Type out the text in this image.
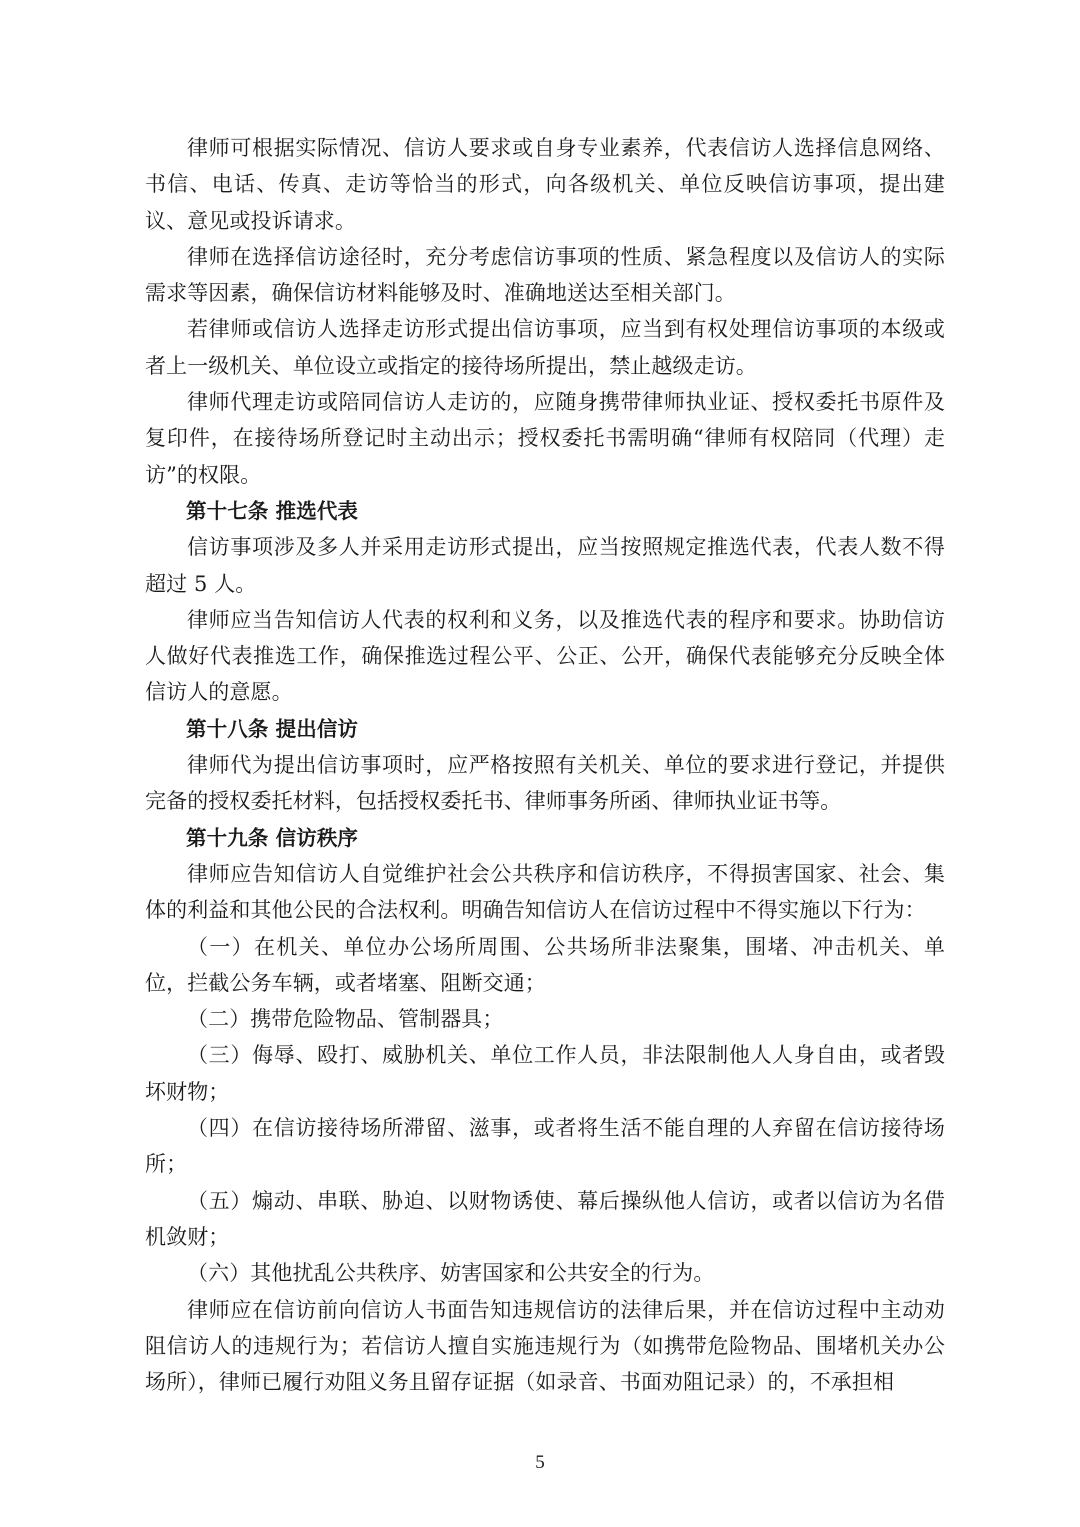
律师可根据实际情况、信访人要求或自身专业素养，代表信访人选择信息网络、书信、电话、传真、走访等恰当的形式，向各级机关、单位反映信访事项，提出建议、意见或投诉请求。

律师在选择信访途径时，充分考虑信访事项的性质、紧急程度以及信访人的实际需求等因素，确保信访材料能够及时、准确地送达至相关部门。

若律师或信访人选择走访形式提出信访事项，应当到有权处理信访事项的本级或者上一级机关、单位设立或指定的接待场所提出，禁止越级走访。

律师代理走访或陪同信访人走访的，应随身携带律师执业证、授权委托书原件及复印件，在接待场所登记时主动出示；授权委托书需明确“律师有权陪同（代理）走访”的权限。

第十七条 推选代表

信访事项涉及多人并采用走访形式提出，应当按照规定推选代表，代表人数不得超过 5 人。

律师应当告知信访人代表的权利和义务，以及推选代表的程序和要求。协助信访人做好代表推选工作，确保推选过程公平、公正、公开，确保代表能够充分反映全体信访人的意愿。

第十八条 提出信访

律师代为提出信访事项时，应严格按照有关机关、单位的要求进行登记，并提供完备的授权委托材料，包括授权委托书、律师事务所函、律师执业证书等。

第十九条 信访秩序

律师应告知信访人自觉维护社会公共秩序和信访秩序，不得损害国家、社会、集体的利益和其他公民的合法权利。明确告知信访人在信访过程中不得实施以下行为：

（一）在机关、单位办公场所周围、公共场所非法聚集，围堵、冲击机关、单位，拦截公务车辆，或者堵塞、阻断交通；

（二）携带危险物品、管制器具；

（三）侮辱、殴打、威胁机关、单位工作人员，非法限制他人人身自由，或者毁坏财物；

（四）在信访接待场所滞留、滋事，或者将生活不能自理的人弃留在信访接待场所；

（五）煽动、串联、胁迫、以财物诱使、幕后操纵他人信访，或者以信访为名借机敛财；

（六）其他扰乱公共秩序、妨害国家和公共安全的行为。

律师应在信访前向信访人书面告知违规信访的法律后果，并在信访过程中主动劝阻信访人的违规行为；若信访人擅自实施违规行为（如携带危险物品、围堵机关办公场所），律师已履行劝阻义务且留存证据（如录音、书面劝阻记录）的，不承担相

5
